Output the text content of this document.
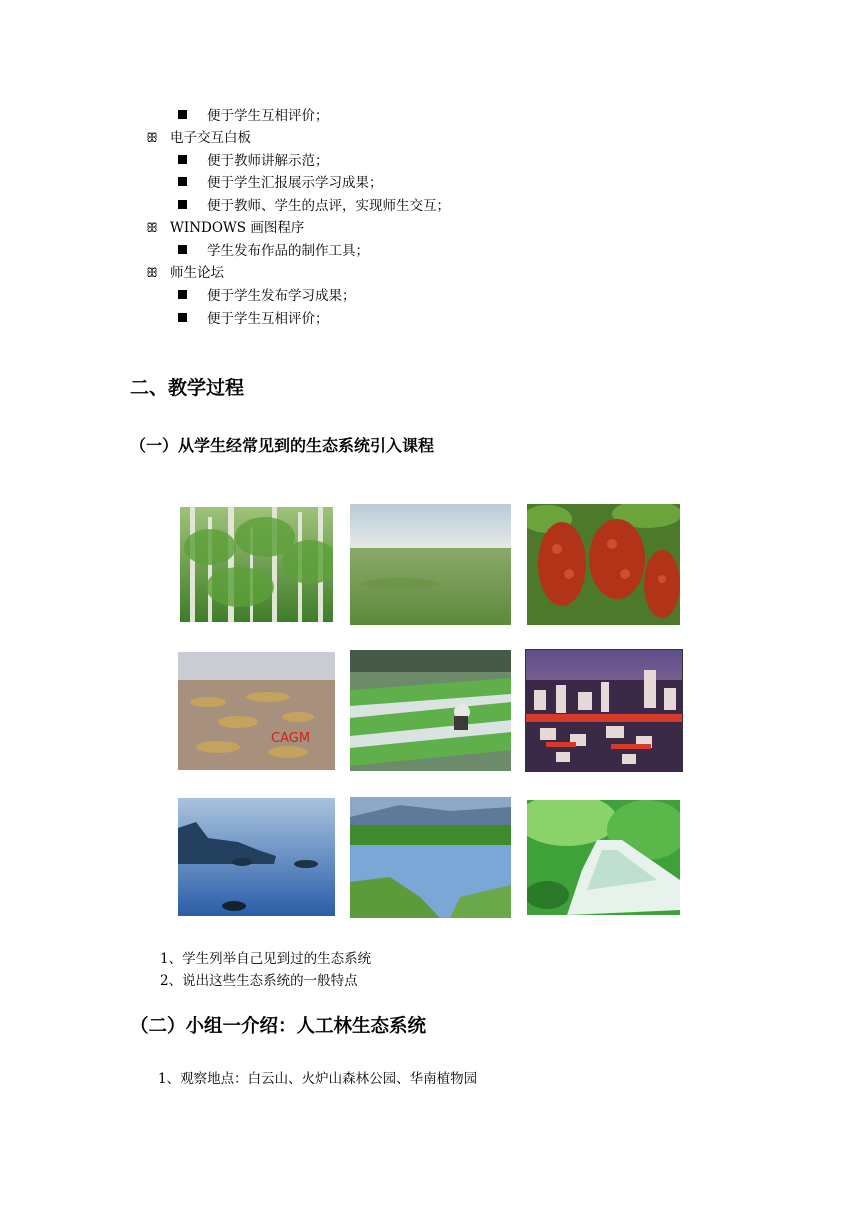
便于学生互相评价；
ꕥ 电子交互白板
便于教师讲解示范；
便于学生汇报展示学习成果；
便于教师、学生的点评，实现师生交互；
ꕥ WINDOWS 画图程序
学生发布作品的制作工具；
ꕥ 师生论坛
便于学生发布学习成果；
便于学生互相评价；
二、教学过程
（一）从学生经常见到的生态系统引入课程
CAGM
1、学生列举自己见到过的生态系统
2、说出这些生态系统的一般特点
（二）小组一介绍：人工林生态系统
1、观察地点：白云山、火炉山森林公园、华南植物园
